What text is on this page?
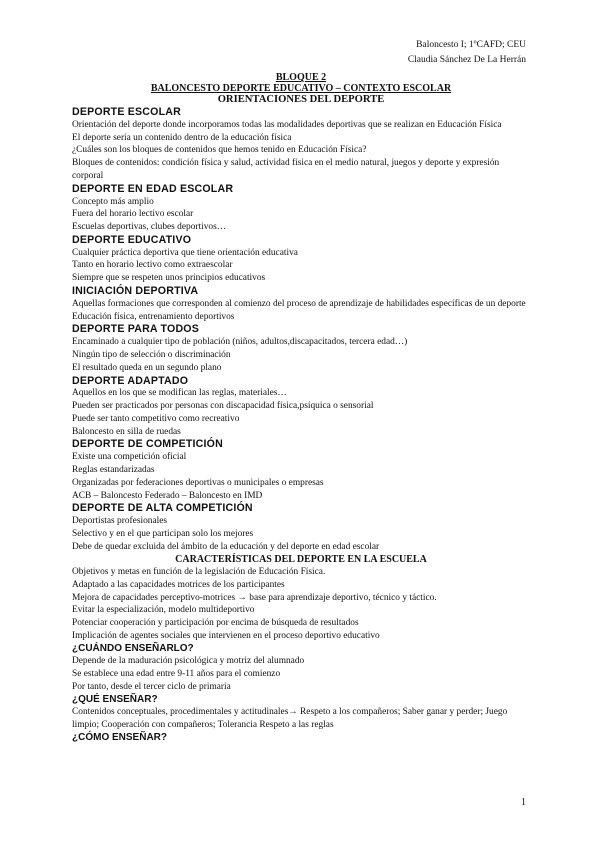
Baloncesto I; 1ºCAFD; CEU
Claudia Sánchez De La Herrán
BLOQUE 2
BALONCESTO DEPORTE EDUCATIVO – CONTEXTO ESCOLAR
ORIENTACIONES DEL DEPORTE
DEPORTE ESCOLAR

Orientación del deporte donde incorporamos todas las modalidades deportivas que se realizan en Educación Física

El deporte sería un contenido dentro de la educación física

¿Cuáles son los bloques de contenidos que hemos tenido en Educación Física?

Bloques de contenidos: condición física y salud, actividad física en el medio natural, juegos y deporte y expresión corporal

DEPORTE EN EDAD ESCOLAR

Concepto más amplio

Fuera del horario lectivo escolar

Escuelas deportivas, clubes deportivos…

DEPORTE EDUCATIVO

Cualquier práctica deportiva que tiene orientación educativa

Tanto en horario lectivo como extraescolar

Siempre que se respeten unos principios educativos

INICIACIÓN DEPORTIVA

Aquellas formaciones que corresponden al comienzo del proceso de aprendizaje de habilidades específicas de un deporte

Educación física, entrenamiento deportivos

DEPORTE PARA TODOS

Encaminado a cualquier tipo de población (niños, adultos,discapacitados, tercera edad…)

Ningún tipo de selección o discriminación

El resultado queda en un segundo plano

DEPORTE ADAPTADO

Aquellos en los que se modifican las reglas, materiales…

Pueden ser practicados por personas con discapacidad física,psíquica o sensorial

Puede ser tanto competitivo como recreativo

Baloncesto en silla de ruedas

DEPORTE DE COMPETICIÓN

Existe una competición oficial

Reglas estandarizadas

Organizadas por federaciones deportivas o municipales o empresas

ACB – Baloncesto Federado – Baloncesto en IMD

DEPORTE DE ALTA COMPETICIÓN

Deportistas profesionales

Selectivo y en el que participan solo los mejores

Debe de quedar excluida del ámbito de la educación y del deporte en edad escolar

CARACTERÍSTICAS DEL DEPORTE EN LA ESCUELA

Objetivos y metas en función de la legislación de Educación Física.

Adaptado a las capacidades motrices de los participantes

Mejora de capacidades perceptivo-motrices → base para aprendizaje deportivo, técnico y táctico.

Evitar la especialización, modelo multideportivo

Potenciar cooperación y participación por encima de búsqueda de resultados

Implicación de agentes sociales que intervienen en el proceso deportivo educativo

¿CUÁNDO ENSEÑARLO?

Depende de la maduración psicológica y motriz del alumnado

Se establece una edad entre 9-11 años para el comienzo

Por tanto, desde el tercer ciclo de primaria

¿QUÉ ENSEÑAR?

Contenidos conceptuales, procedimentales y actitudinales→ Respeto a los compañeros; Saber ganar y perder; Juego limpio; Cooperación con compañeros; Tolerancia Respeto a las reglas

¿CÓMO ENSEÑAR?
1
